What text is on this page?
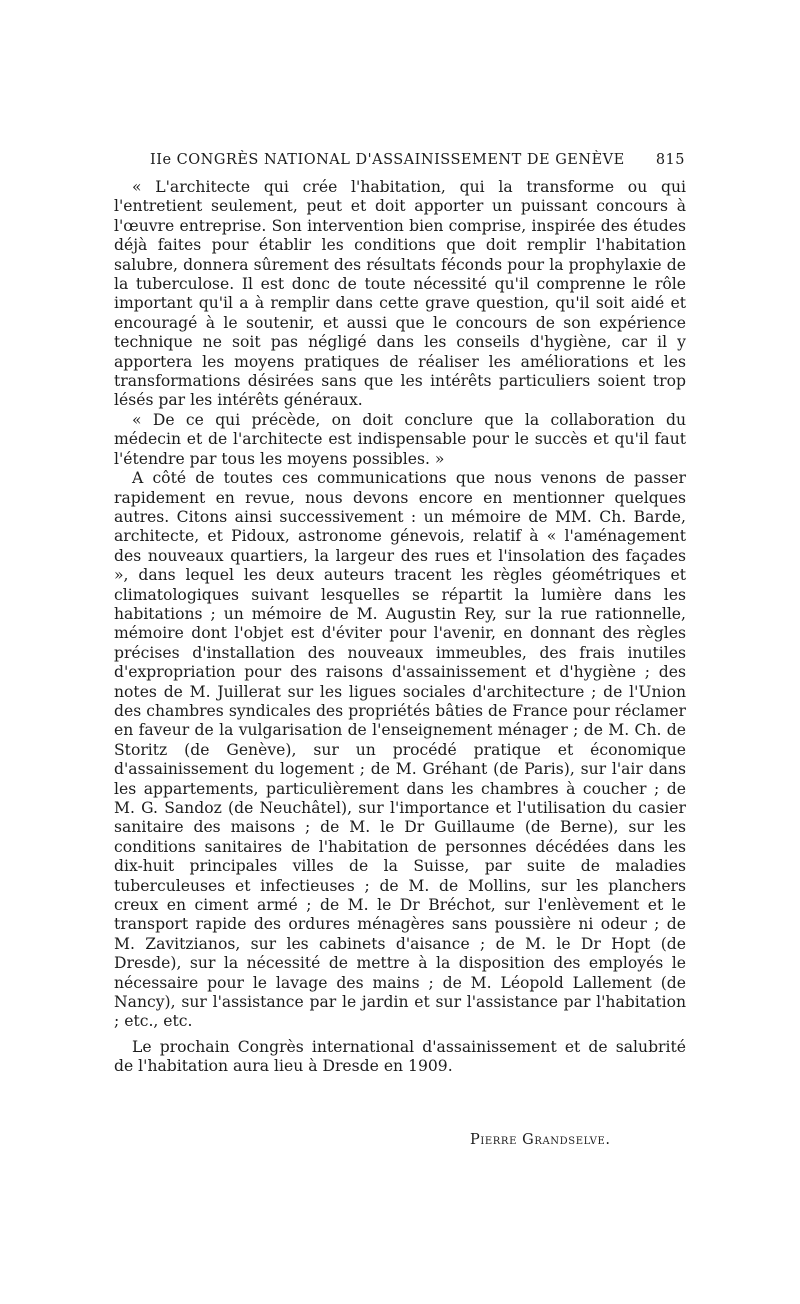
IIe CONGRÈS NATIONAL D'ASSAINISSEMENT DE GENÈVE 815

« L'architecte qui crée l'habitation, qui la transforme ou qui l'entretient seulement, peut et doit apporter un puissant concours à l'œuvre entreprise. Son intervention bien comprise, inspirée des études déjà faites pour établir les conditions que doit remplir l'habitation salubre, donnera sûrement des résultats féconds pour la prophylaxie de la tuberculose. Il est donc de toute nécessité qu'il comprenne le rôle important qu'il a à remplir dans cette grave question, qu'il soit aidé et encouragé à le soutenir, et aussi que le concours de son expérience technique ne soit pas négligé dans les conseils d'hygiène, car il y apportera les moyens pratiques de réaliser les améliorations et les transformations désirées sans que les intérêts particuliers soient trop lésés par les intérêts généraux.

« De ce qui précède, on doit conclure que la collaboration du médecin et de l'architecte est indispensable pour le succès et qu'il faut l'étendre par tous les moyens possibles. »

A côté de toutes ces communications que nous venons de passer rapidement en revue, nous devons encore en mentionner quelques autres. Citons ainsi successivement : un mémoire de MM. Ch. Barde, architecte, et Pidoux, astronome génevois, relatif à « l'aménagement des nouveaux quartiers, la largeur des rues et l'insolation des façades », dans lequel les deux auteurs tracent les règles géométriques et climatologiques suivant lesquelles se répartit la lumière dans les habitations ; un mémoire de M. Augustin Rey, sur la rue rationnelle, mémoire dont l'objet est d'éviter pour l'avenir, en donnant des règles précises d'installation des nouveaux immeubles, des frais inutiles d'expropriation pour des raisons d'assainissement et d'hygiène ; des notes de M. Juillerat sur les ligues sociales d'architecture ; de l'Union des chambres syndicales des propriétés bâties de France pour réclamer en faveur de la vulgarisation de l'enseignement ménager ; de M. Ch. de Storitz (de Genève), sur un procédé pratique et économique d'assainissement du logement ; de M. Gréhant (de Paris), sur l'air dans les appartements, particulièrement dans les chambres à coucher ; de M. G. Sandoz (de Neuchâtel), sur l'importance et l'utilisation du casier sanitaire des maisons ; de M. le Dr Guillaume (de Berne), sur les conditions sanitaires de l'habitation de personnes décédées dans les dix-huit principales villes de la Suisse, par suite de maladies tuberculeuses et infectieuses ; de M. de Mollins, sur les planchers creux en ciment armé ; de M. le Dr Bréchot, sur l'enlèvement et le transport rapide des ordures ménagères sans poussière ni odeur ; de M. Zavitzianos, sur les cabinets d'aisance ; de M. le Dr Hopt (de Dresde), sur la nécessité de mettre à la disposition des employés le nécessaire pour le lavage des mains ; de M. Léopold Lallement (de Nancy), sur l'assistance par le jardin et sur l'assistance par l'habitation ; etc., etc.

Le prochain Congrès international d'assainissement et de salubrité de l'habitation aura lieu à Dresde en 1909.

Pierre Grandselve.
